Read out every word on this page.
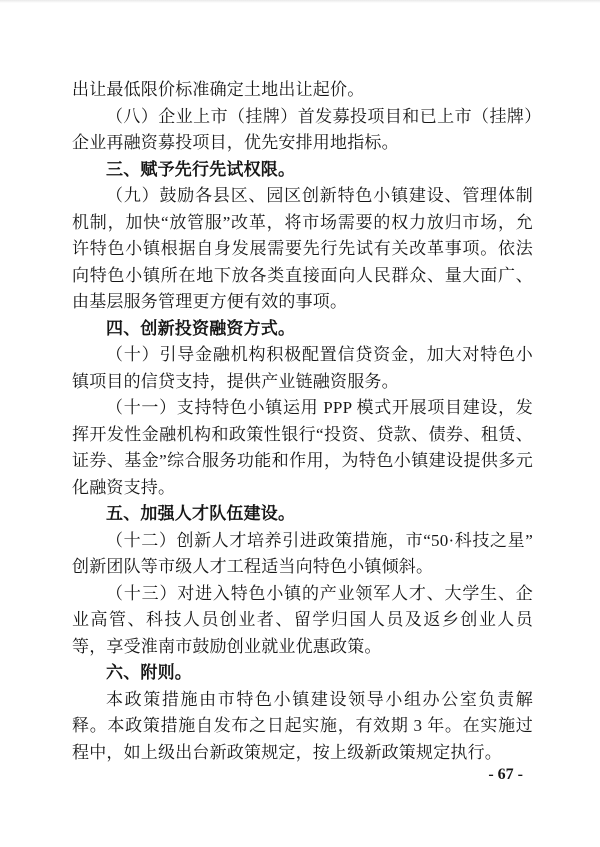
出让最低限价标准确定土地出让起价。

（八）企业上市（挂牌）首发募投项目和已上市（挂牌）企业再融资募投项目，优先安排用地指标。

三、赋予先行先试权限。

（九）鼓励各县区、园区创新特色小镇建设、管理体制机制，加快“放管服”改革，将市场需要的权力放归市场，允许特色小镇根据自身发展需要先行先试有关改革事项。依法向特色小镇所在地下放各类直接面向人民群众、量大面广、由基层服务管理更方便有效的事项。

四、创新投资融资方式。

（十）引导金融机构积极配置信贷资金，加大对特色小镇项目的信贷支持，提供产业链融资服务。

（十一）支持特色小镇运用 PPP 模式开展项目建设，发挥开发性金融机构和政策性银行“投资、贷款、债券、租赁、证券、基金”综合服务功能和作用，为特色小镇建设提供多元化融资支持。

五、加强人才队伍建设。

（十二）创新人才培养引进政策措施，市“50·科技之星”创新团队等市级人才工程适当向特色小镇倾斜。

（十三）对进入特色小镇的产业领军人才、大学生、企业高管、科技人员创业者、留学归国人员及返乡创业人员等，享受淮南市鼓励创业就业优惠政策。

六、附则。

本政策措施由市特色小镇建设领导小组办公室负责解释。本政策措施自发布之日起实施，有效期 3 年。在实施过程中，如上级出台新政策规定，按上级新政策规定执行。

- 67 -
